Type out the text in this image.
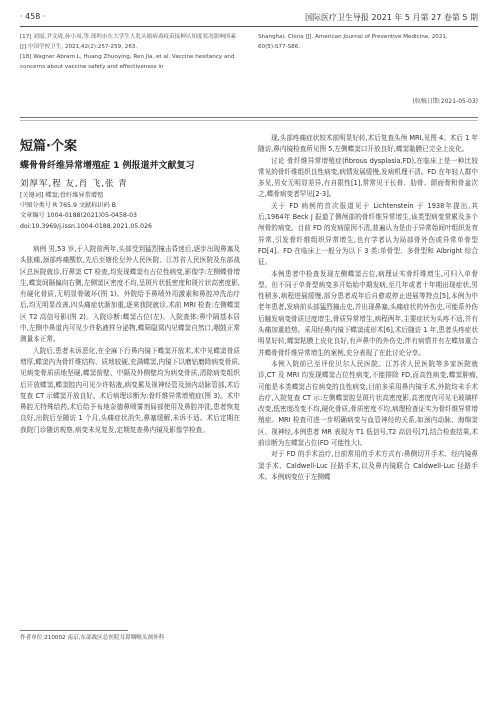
· 458 ·	国际医疗卫生导报 2021 年 5 月第 27 卷第 5 期
[17] 刘瑶,尹文琦,孙小凤,等.深圳市在大学生人乳头瘤病毒疫苗接种认知度状况影响因素[J].中国学校卫生, 2021,42(2):257-259, 263.
[18] Wagner Abram L, Huang Zhuoying, Ren Jia, et al. Vaccine hesitancy and concerns about vaccine safety and effectiveness in
Shanghai, China [J]. American Journal of Preventive Medicine, 2021, 60(5):S77-S86.
(收稿日期:2021-05-03)
短篇·个案
蝶骨骨纤维异常增殖症 1 例报道并文献复习
刘厚军,程 友,肖 飞,张 青
[关键词] 蝶窦;骨纤维异常增殖
中图分类号 R 765.9 文献标识码 B
文章编号 1004-0188(2021)05-0458-03
doi:10.3969/j.issn.1004-0188.2021.05.026

病例 男,53 岁,于入院前两年,头部受到猛烈撞击昏迷后,逐步出现鼻塞及头胀痛,颈部疼痛酸软,先后至辖伦兒外人民医院、江苏省人民医院及东部战区总医院就诊,行鼻窦 CT 检查,均发现蝶窦有占位性病变,影像学:左侧蝶骨增生,蝶窦间隔偏向右侧,左侧窦区密度不均,呈斑片状低密度和斑片状高密度影,有硬化骨质,无明显骨破坏(图 1)。外院给予鼻喷外用激素和鼻腔冲洗治疗后,均无明显改善,四头痛症状渐加重,逐来我院就诊,术前 MRI 检查:左侧蝶窦区 T2 高信号影(图 2)。入院诊断:蝶窦占位(左)。入院查体:鼻中隔基本居中,左侧中鼻道内可见少许粘液样分泌物,蝶筛隐窝内见蝶窦自然口,咽鼓正常测量本正常。

入院后,患者未诉恶化,在全麻下行鼻内镜下蝶窦开放术,术中见蝶窦骨质增厚,蝶窦内为骨纤维结构、质地较硬,充满蝶窦,内镜下以磨钻磨除病变骨质,见病变骨质质地坚硬,蝶窦前壁、中隔及外侧壁均为病变骨质,清除病变组织后开放蝶窦,蝶窦腔内可见少许粘液,病变累及视神经管及颈内动脉管部,术后复查 CT 示蝶窦开放良好。术后病理诊断为:骨纤维异常增殖症(图 3)。术中鼻腔无特殊给药,术后给予布地奈德鼻喷雾剂局部使用及鼻腔冲洗,患者恢复良好,出院后至随访 1 个月,头痛症状消失,鼻塞缓解,未诉不适。术后定期在我院门诊随访观察,病变未见复发,定期复查鼻内镜及影像学检查。

作者单位:210002 南京,东部战区总医院耳鼻咽喉头颈外科

现,头部疼痛症状较术前明显好转,术后复查头颅 MRI,见图 4。术后 1 年随访,鼻内镜检查所见图 5,左侧蝶窦口开放良好,蝶窦黏膜已完全上皮化。

讨论 骨纤维异常增殖症(fibrous dysplasia,FD),在临床上是一种比较常见的骨纤维组织良性病变,病情发展缓慢,发病机理不清。FD 在年轻人群中多见,男女无明显差异,有自限性[1],常常见于长骨、肋骨、颌面骨和骨盆次之,蝶骨病变者罕见[2-3]。

关于 FD 病例的首次报道见于 Lichtenstein 于 1938年提出,其后,1964年 Beck J 报道了侧颅部的骨纤维异常增生,该类型病变常累及多个颅骨的病变。目前 FD 的发病原因不清,普遍认为是由于异常始间叶组织发育异常,引发骨纤维组织异常增生,也有学者认为局部骨外伤或异常单骨型 FD[4]。FD 在临床上一般分为以下 3 类:单骨型、多骨型和 Albright 综合征。

本例患者中检查发现左侧蝶窦占位,病理证实骨纤维增生,可归入单骨型。但不同于单骨型病变多开始始中期发病,至几年或者十年期出现症状,男性稍多,病程进展缓慢,部分患者成年后自愈或停止进展等特点[5],本例为中老年患者,发病前头部猛烈撞击史,并出现鼻塞,头痛症状的外伤史,可能系外伤后触发病变骨质过度增生,骨质异常增生,病程两年,主要症状为头疼不适,并有头痛加重趋势。采用经鼻内镜下蝶窦成形术[6],术后随访 1 年,患者头疼症状明显好转,蝶窦粘膜上皮化良好,有声鼻中的外伤史,伴有病情并有左蝶加重合并蝶骨骨纤维异常增生的案例,充分表现了在此讨论分享。

本例入院前已至评伦贝尔人民医院、江苏省人民医院等多家医院就诊,CT 及 MRI 均发现蝶窦占位性病变,不能排除 FD,而高性病变,蝶窦肿瘤,可能是本类蝶窦占位病变的良性病变,目前多采用鼻内镜手术,外院均未手术治疗,入院复查 CT 示:左侧蝶窦腔呈斑片状高密度影,高密度内可见毛玻璃样改变,低密度改变不均,硬化骨质,骨质密度不均,病理检查证实为骨纤维异常增殖症。MRI 检查可进一步明确病变与血管神经的关系,如颈内动脉、海绵窦区、视神经,本例患者 MR 表现为 T1 低信号,T2 高信号[7],结合检查结果,术前诊断为左蝶窦占位(FD 可能性大)。

对于 FD 的手术治疗,目前常用的手术方式有:鼻侧切开手术、经内镜鼻窦手术、Caldwell-Luc 径路手术,以及鼻内镜联合 Caldwell-Luc 径路手术。本例病变位于左侧蝶
